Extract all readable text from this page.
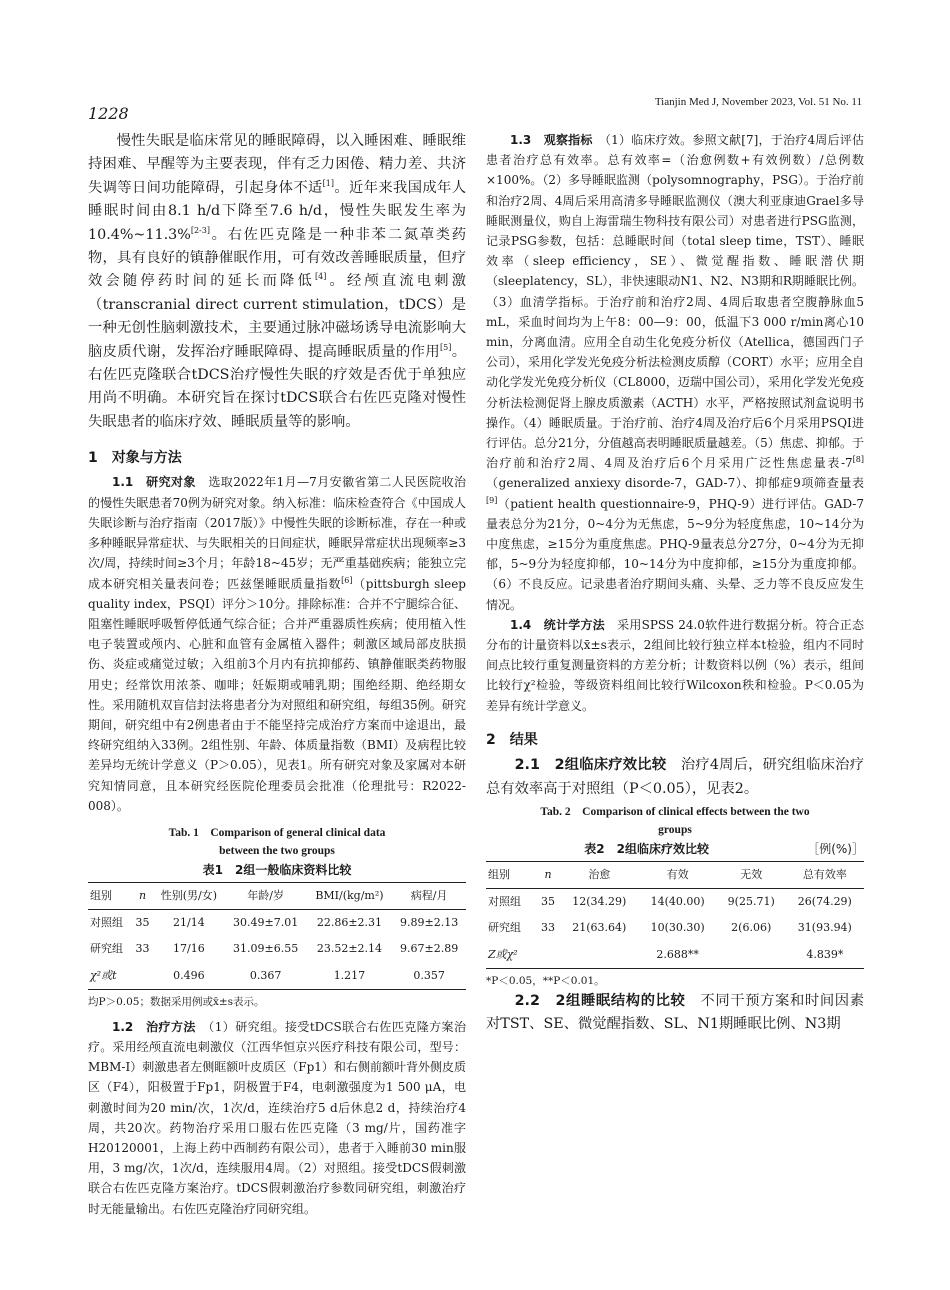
1228
Tianjin Med J, November 2023, Vol. 51 No. 11

慢性失眠是临床常见的睡眠障碍，以入睡困难、睡眠维持困难、早醒等为主要表现，伴有乏力困倦、精力差、共济失调等日间功能障碍，引起身体不适[1]。近年来我国成年人睡眠时间由8.1 h/d下降至7.6 h/d，慢性失眠发生率为10.4%~11.3%[2-3]。右佐匹克隆是一种非苯二氮䓬类药物，具有良好的镇静催眠作用，可有效改善睡眠质量，但疗效会随停药时间的延长而降低[4]。经颅直流电刺激（transcranial direct current stimulation，tDCS）是一种无创性脑刺激技术，主要通过脉冲磁场诱导电流影响大脑皮质代谢，发挥治疗睡眠障碍、提高睡眠质量的作用[5]。右佐匹克隆联合tDCS治疗慢性失眠的疗效是否优于单独应用尚不明确。本研究旨在探讨tDCS联合右佐匹克隆对慢性失眠患者的临床疗效、睡眠质量等的影响。

1　对象与方法

1.1　研究对象　选取2022年1月—7月安徽省第二人民医院收治的慢性失眠患者70例为研究对象。纳入标准：临床检查符合《中国成人失眠诊断与治疗指南（2017版）》中慢性失眠的诊断标准，存在一种或多种睡眠异常症状、与失眠相关的日间症状，睡眠异常症状出现频率≥3次/周，持续时间≥3个月；年龄18~45岁；无严重基础疾病；能独立完成本研究相关量表问卷；匹兹堡睡眠质量指数[6]（pittsburgh sleep quality index，PSQI）评分＞10分。排除标准：合并不宁腿综合征、阻塞性睡眠呼吸暂停低通气综合征；合并严重器质性疾病；使用植入性电子装置或颅内、心脏和血管有金属植入器件；刺激区域局部皮肤损伤、炎症或痛觉过敏；入组前3个月内有抗抑郁药、镇静催眠类药物服用史；经常饮用浓茶、咖啡；妊娠期或哺乳期；围绝经期、绝经期女性。采用随机双盲信封法将患者分为对照组和研究组，每组35例。研究期间，研究组中有2例患者由于不能坚持完成治疗方案而中途退出，最终研究组纳入33例。2组性别、年龄、体质量指数（BMI）及病程比较差异均无统计学意义（P＞0.05），见表1。所有研究对象及家属对本研究知情同意，且本研究经医院伦理委员会批准（伦理批号：R2022-008）。

Tab. 1　Comparison of general clinical data
between the two groups
表1　2组一般临床资料比较
组别	n	性别(男/女)	年龄/岁	BMI/(kg/m²)	病程/月
对照组	35	21/14	30.49±7.01	22.86±2.31	9.89±2.13
研究组	33	17/16	31.09±6.55	23.52±2.14	9.67±2.89
χ²或t		0.496	0.367	1.217	0.357
均P＞0.05；数据采用例或x̄±s表示。

1.2　治疗方法　（1）研究组。接受tDCS联合右佐匹克隆方案治疗。采用经颅直流电刺激仪（江西华恒京兴医疗科技有限公司，型号：MBM-I）刺激患者左侧眶额叶皮质区（Fp1）和右侧前额叶背外侧皮质区（F4），阳极置于Fp1，阴极置于F4，电刺激强度为1 500 μA，电刺激时间为20 min/次，1次/d，连续治疗5 d后休息2 d，持续治疗4周，共20次。药物治疗采用口服右佐匹克隆（3 mg/片，国药准字H20120001，上海上药中西制药有限公司），患者于入睡前30 min服用，3 mg/次，1次/d，连续服用4周。（2）对照组。接受tDCS假刺激联合右佐匹克隆方案治疗。tDCS假刺激治疗参数同研究组，刺激治疗时无能量输出。右佐匹克隆治疗同研究组。

1.3　观察指标　（1）临床疗效。参照文献[7]，于治疗4周后评估患者治疗总有效率。总有效率=（治愈例数+有效例数）/总例数×100%。（2）多导睡眠监测（polysomnography，PSG）。于治疗前和治疗2周、4周后采用高清多导睡眠监测仪（澳大利亚康迪Grael多导睡眠测量仪，购自上海雷瑞生物科技有限公司）对患者进行PSG监测，记录PSG参数，包括：总睡眠时间（total sleep time，TST）、睡眠效率（sleep efficiency，SE）、微觉醒指数、睡眠潜伏期（sleeplatency，SL），非快速眼动N1、N2、N3期和R期睡眠比例。（3）血清学指标。于治疗前和治疗2周、4周后取患者空腹静脉血5 mL，采血时间均为上午8：00—9：00，低温下3 000 r/min离心10 min，分离血清。应用全自动生化免疫分析仪（Atellica，德国西门子公司），采用化学发光免疫分析法检测皮质醇（CORT）水平；应用全自动化学发光免疫分析仪（CL8000，迈瑞中国公司），采用化学发光免疫分析法检测促肾上腺皮质激素（ACTH）水平，严格按照试剂盒说明书操作。（4）睡眠质量。于治疗前、治疗4周及治疗后6个月采用PSQI进行评估。总分21分，分值越高表明睡眠质量越差。（5）焦虑、抑郁。于治疗前和治疗2周、4周及治疗后6个月采用广泛性焦虑量表-7[8]（generalized anxiexy disorde-7，GAD-7）、抑郁症9项筛查量表[9]（patient health questionnaire-9，PHQ-9）进行评估。GAD-7量表总分为21分，0~4分为无焦虑，5~9分为轻度焦虑，10~14分为中度焦虑，≥15分为重度焦虑。PHQ-9量表总分27分，0~4分为无抑郁，5~9分为轻度抑郁，10~14分为中度抑郁，≥15分为重度抑郁。（6）不良反应。记录患者治疗期间头痛、头晕、乏力等不良反应发生情况。

1.4　统计学方法　采用SPSS 24.0软件进行数据分析。符合正态分布的计量资料以x̄±s表示，2组间比较行独立样本t检验，组内不同时间点比较行重复测量资料的方差分析；计数资料以例（%）表示，组间比较行χ²检验，等级资料组间比较行Wilcoxon秩和检验。P＜0.05为差异有统计学意义。

2　结果

2.1　2组临床疗效比较　治疗4周后，研究组临床治疗总有效率高于对照组（P＜0.05），见表2。

Tab. 2　Comparison of clinical effects between the two
groups
表2　2组临床疗效比较	［例(%)］
组别	n	治愈	有效	无效	总有效率
对照组	35	12(34.29)	14(40.00)	9(25.71)	26(74.29)
研究组	33	21(63.64)	10(30.30)	2(6.06)	31(93.94)
Z或χ²			2.688**		4.839*
*P＜0.05，**P＜0.01。

2.2　2组睡眠结构的比较　不同干预方案和时间因素对TST、SE、微觉醒指数、SL、N1期睡眠比例、N3期
